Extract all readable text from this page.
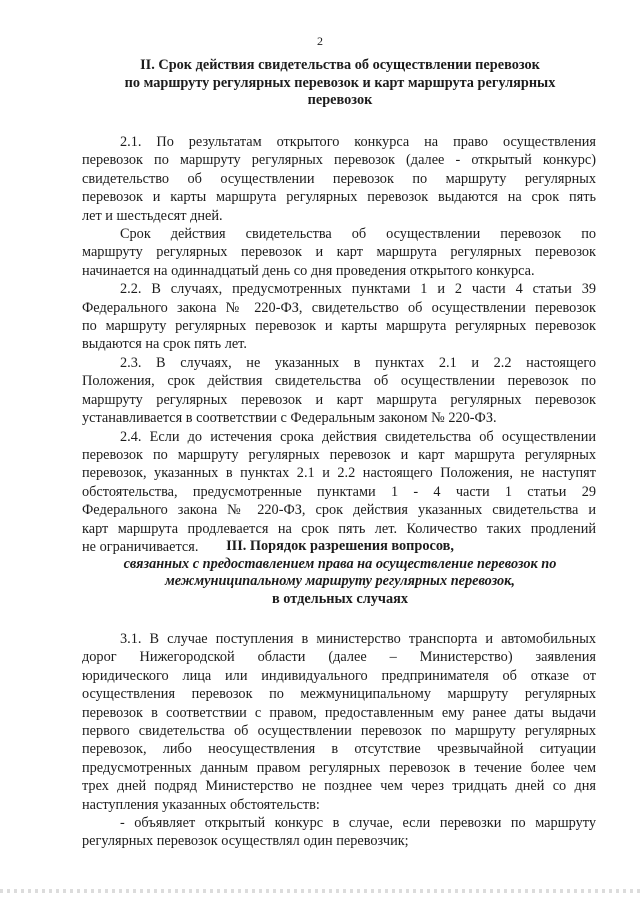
2
II. Срок действия свидетельства об осуществлении перевозок
по маршруту регулярных перевозок и карт маршрута регулярных
перевозок
2.1. По результатам открытого конкурса на право осуществления
перевозок по маршруту регулярных перевозок (далее - открытый конкурс)
свидетельство об осуществлении перевозок по маршруту регулярных
перевозок и карты маршрута регулярных перевозок выдаются на срок пять
лет и шестьдесят дней.
Срок действия свидетельства об осуществлении перевозок по
маршруту регулярных перевозок и карт маршрута регулярных перевозок
начинается на одиннадцатый день со дня проведения открытого конкурса.
2.2. В случаях, предусмотренных пунктами 1 и 2 части 4 статьи 39
Федерального закона № 220-ФЗ, свидетельство об осуществлении перевозок
по маршруту регулярных перевозок и карты маршрута регулярных перевозок
выдаются на срок пять лет.
2.3. В случаях, не указанных в пунктах 2.1 и 2.2 настоящего
Положения, срок действия свидетельства об осуществлении перевозок по
маршруту регулярных перевозок и карт маршрута регулярных перевозок
устанавливается в соответствии с Федеральным законом № 220-ФЗ.
2.4. Если до истечения срока действия свидетельства об осуществлении
перевозок по маршруту регулярных перевозок и карт маршрута регулярных
перевозок, указанных в пунктах 2.1 и 2.2 настоящего Положения, не наступят
обстоятельства, предусмотренные пунктами 1 - 4 части 1 статьи 29
Федерального закона № 220-ФЗ, срок действия указанных свидетельства и
карт маршрута продлевается на срок пять лет. Количество таких продлений
не ограничивается.	III. Порядок разрешения вопросов,
связанных с предоставлением права на осуществление перевозок по
межмуниципальному маршруту регулярных перевозок,
в отдельных случаях
3.1. В случае поступления в министерство транспорта и автомобильных
дорог Нижегородской области (далее – Министерство) заявления
юридического лица или индивидуального предпринимателя об отказе от
осуществления перевозок по межмуниципальному маршруту регулярных
перевозок в соответствии с правом, предоставленным ему ранее даты выдачи
первого свидетельства об осуществлении перевозок по маршруту регулярных
перевозок, либо неосуществления в отсутствие чрезвычайной ситуации
предусмотренных данным правом регулярных перевозок в течение более чем
трех дней подряд Министерство не позднее чем через тридцать дней со дня
наступления указанных обстоятельств:
- объявляет открытый конкурс в случае, если перевозки по маршруту
регулярных перевозок осуществлял один перевозчик;
